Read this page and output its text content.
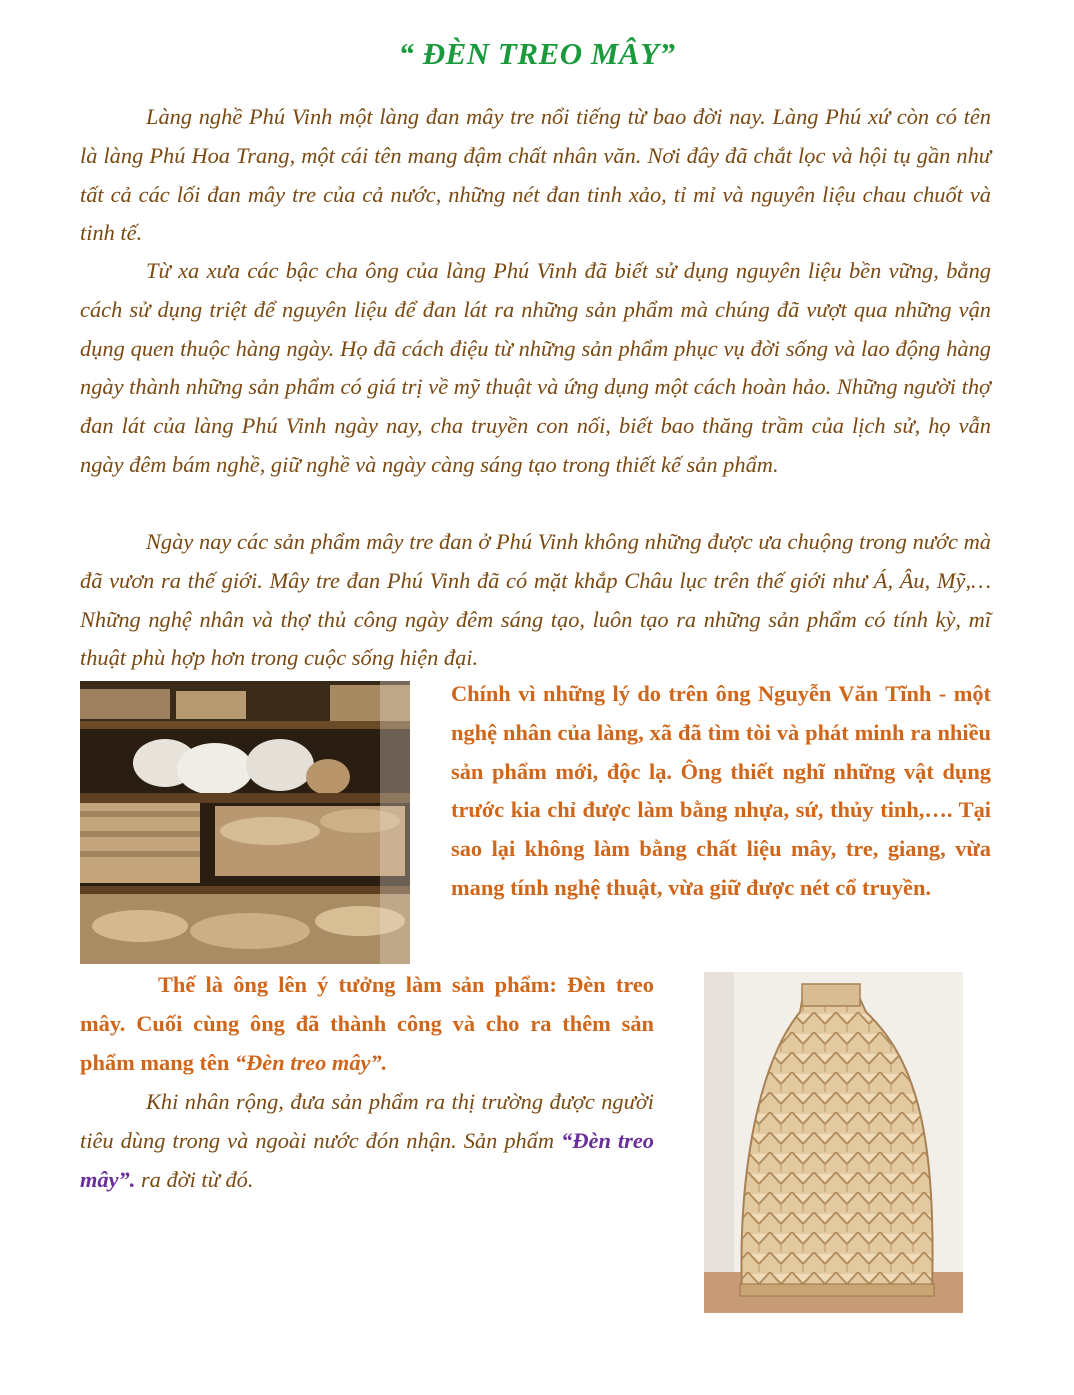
“ ĐÈN TREO MÂY”

Làng nghề Phú Vinh một làng đan mây tre nổi tiếng từ bao đời nay. Làng Phú xứ còn có tên là làng Phú Hoa Trang, một cái tên mang đậm chất nhân văn. Nơi đây đã chắt lọc và hội tụ gần như tất cả các lối đan mây tre của cả nước, những nét đan tinh xảo, tỉ mỉ và nguyên liệu chau chuốt và tinh tế.

Từ xa xưa các bậc cha ông của làng Phú Vinh đã biết sử dụng nguyên liệu bền vững, bằng cách sử dụng triệt để nguyên liệu để đan lát ra những sản phẩm mà chúng đã vượt qua những vận dụng quen thuộc hàng ngày. Họ đã cách điệu từ những sản phẩm phục vụ đời sống và lao động hàng ngày thành những sản phẩm có giá trị về mỹ thuật và ứng dụng một cách hoàn hảo. Những người thợ đan lát của làng Phú Vinh ngày nay, cha truyền con nối, biết bao thăng trầm của lịch sử, họ vẫn ngày đêm bám nghề, giữ nghề và ngày càng sáng tạo trong thiết kế sản phẩm.

Ngày nay các sản phẩm mây tre đan ở Phú Vinh không những được ưa chuộng trong nước mà đã vươn ra thế giới. Mây tre đan Phú Vinh đã có mặt khắp Châu lục trên thế giới như Á, Âu, Mỹ,… Những nghệ nhân và thợ thủ công ngày đêm sáng tạo, luôn tạo ra những sản phẩm có tính kỳ, mĩ thuật phù hợp hơn trong cuộc sống hiện đại.

Chính vì những lý do trên ông Nguyễn Văn Tĩnh - một nghệ nhân của làng, xã đã tìm tòi và phát minh ra nhiều sản phẩm mới, độc lạ. Ông thiết nghĩ những vật dụng trước kia chỉ được làm bằng nhựa, sứ, thủy tinh,…. Tại sao lại không làm bằng chất liệu mây, tre, giang, vừa mang tính nghệ thuật, vừa giữ được nét cổ truyền.

Thế là ông lên ý tưởng làm sản phẩm: Đèn treo mây. Cuối cùng ông đã thành công và cho ra thêm sản phẩm mang tên “Đèn treo mây”.

Khi nhân rộng, đưa sản phẩm ra thị trường được người tiêu dùng trong và ngoài nước đón nhận. Sản phẩm “Đèn treo mây”. ra đời từ đó.
